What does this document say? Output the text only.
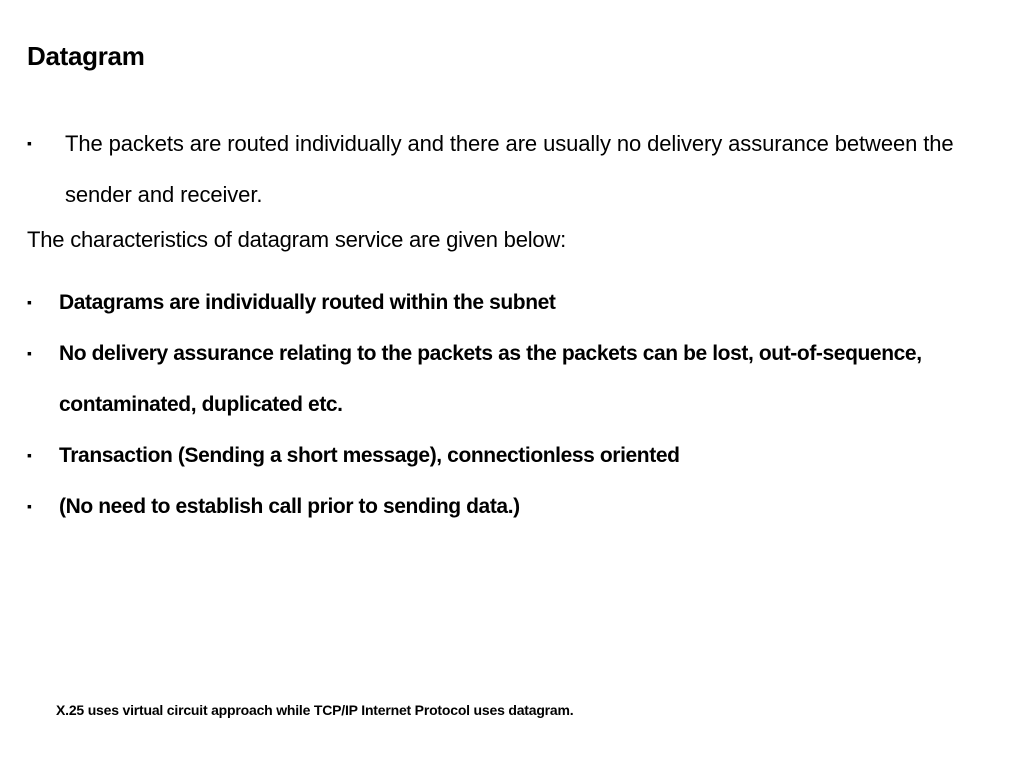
Datagram
▪	The packets are routed individually and there are usually no delivery assurance between the sender and receiver.
The characteristics of datagram service are given below:
▪ Datagrams are individually routed within the subnet
▪ No delivery assurance relating to the packets as the packets can be lost, out-of-sequence, contaminated, duplicated etc.
▪ Transaction (Sending a short message), connectionless oriented
▪ (No need to establish call prior to sending data.)
X.25 uses virtual circuit approach while TCP/IP Internet Protocol uses datagram.
